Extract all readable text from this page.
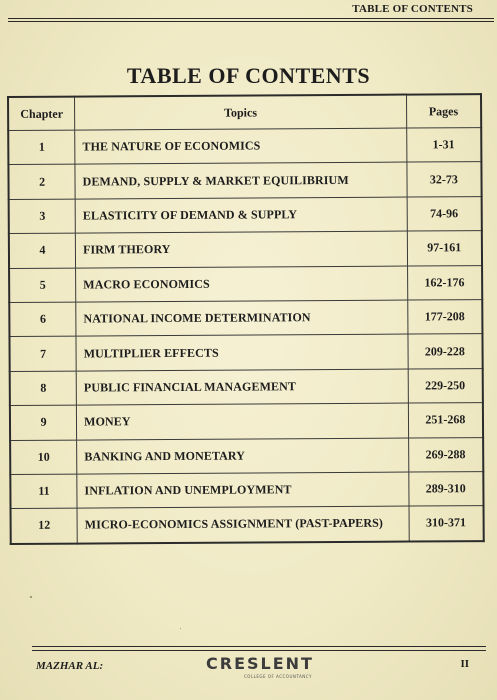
TABLE OF CONTENTS
TABLE OF CONTENTS
Chapter	Topics	Pages
1	THE NATURE OF ECONOMICS	1-31
2	DEMAND, SUPPLY & MARKET EQUILIBRIUM	32-73
3	ELASTICITY OF DEMAND & SUPPLY	74-96
4	FIRM THEORY	97-161
5	MACRO ECONOMICS	162-176
6	NATIONAL INCOME DETERMINATION	177-208
7	MULTIPLIER EFFECTS	209-228
8	PUBLIC FINANCIAL MANAGEMENT	229-250
9	MONEY	251-268
10	BANKING AND MONETARY	269-288
11	INFLATION AND UNEMPLOYMENT	289-310
12	MICRO-ECONOMICS ASSIGNMENT (PAST-PAPERS)	310-371
MAZHAR AL:	CRESLENT
COLLEGE OF ACCOUNTANCY
II
